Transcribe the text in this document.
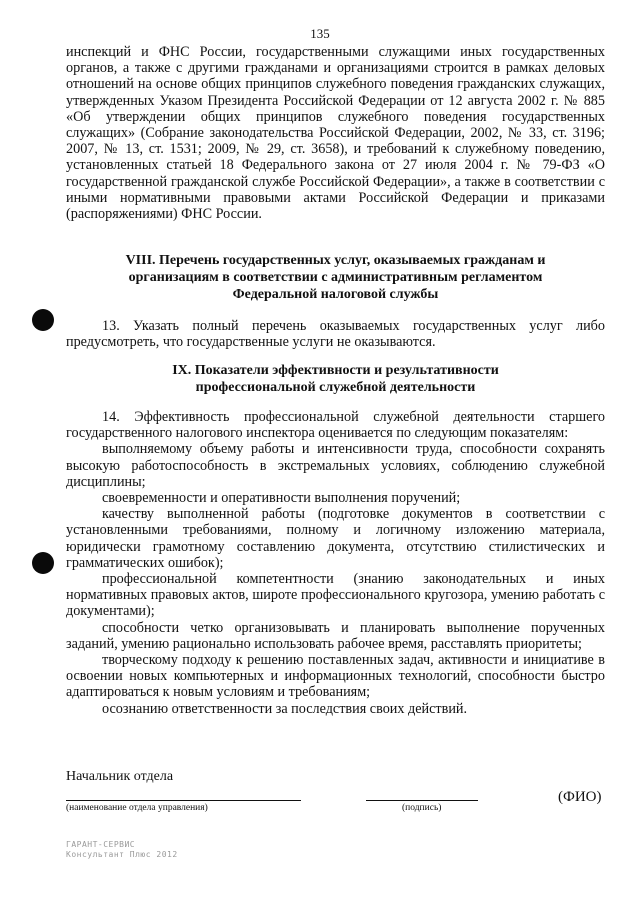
135

инспекций и ФНС России, государственными служащими иных государственных органов, а также с другими гражданами и организациями строится в рамках деловых отношений на основе общих принципов служебного поведения гражданских служащих, утвержденных Указом Президента Российской Федерации от 12 августа 2002 г. № 885 «Об утверждении общих принципов служебного поведения государственных служащих» (Собрание законодательства Российской Федерации, 2002, № 33, ст. 3196; 2007, № 13, ст. 1531; 2009, № 29, ст. 3658), и требований к служебному поведению, установленных статьей 18 Федерального закона от 27 июля 2004 г. № 79-ФЗ «О государственной гражданской службе Российской Федерации», а также в соответствии с иными нормативными правовыми актами Российской Федерации и приказами (распоряжениями) ФНС России.

VIII. Перечень государственных услуг, оказываемых гражданам и
организациям в соответствии с административным регламентом
Федеральной налоговой службы

13. Указать полный перечень оказываемых государственных услуг либо предусмотреть, что государственные услуги не оказываются.

IX. Показатели эффективности и результативности
профессиональной служебной деятельности

14. Эффективность профессиональной служебной деятельности старшего государственного налогового инспектора оценивается по следующим показателям:

выполняемому объему работы и интенсивности труда, способности сохранять высокую работоспособность в экстремальных условиях, соблюдению служебной дисциплины;

своевременности и оперативности выполнения поручений;

качеству выполненной работы (подготовке документов в соответствии с установленными требованиями, полному и логичному изложению материала, юридически грамотному составлению документа, отсутствию стилистических и грамматических ошибок);

профессиональной компетентности (знанию законодательных и иных нормативных правовых актов, широте профессионального кругозора, умению работать с документами);

способности четко организовывать и планировать выполнение порученных заданий, умению рационально использовать рабочее время, расставлять приоритеты;

творческому подходу к решению поставленных задач, активности и инициативе в освоении новых компьютерных и информационных технологий, способности быстро адаптироваться к новым условиям и требованиям;

осознанию ответственности за последствия своих действий.

Начальник отдела
(наименование отдела управления)	(подпись)
(ФИО)
ГАРАНТ-СЕРВИС
Консультант Плюс 2012
